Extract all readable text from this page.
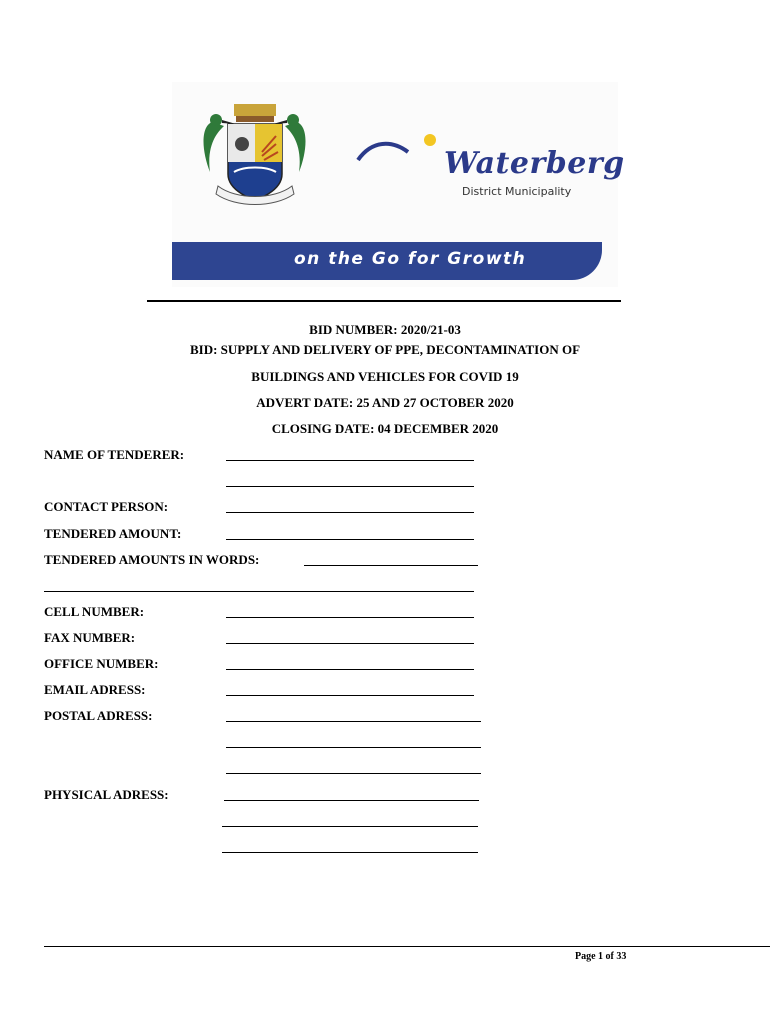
Waterberg
District Municipality
on the Go for Growth
BID NUMBER: 2020/21-03
BID: SUPPLY AND DELIVERY OF PPE, DECONTAMINATION OF
BUILDINGS AND VEHICLES FOR COVID 19
ADVERT DATE: 25 AND 27 OCTOBER 2020
CLOSING DATE: 04 DECEMBER 2020
NAME OF TENDERER:
CONTACT PERSON:
TENDERED AMOUNT:
TENDERED AMOUNTS IN WORDS:
CELL NUMBER:
FAX NUMBER:
OFFICE NUMBER:
EMAIL ADRESS:
POSTAL ADRESS:
PHYSICAL ADRESS:
Page 1 of 33
